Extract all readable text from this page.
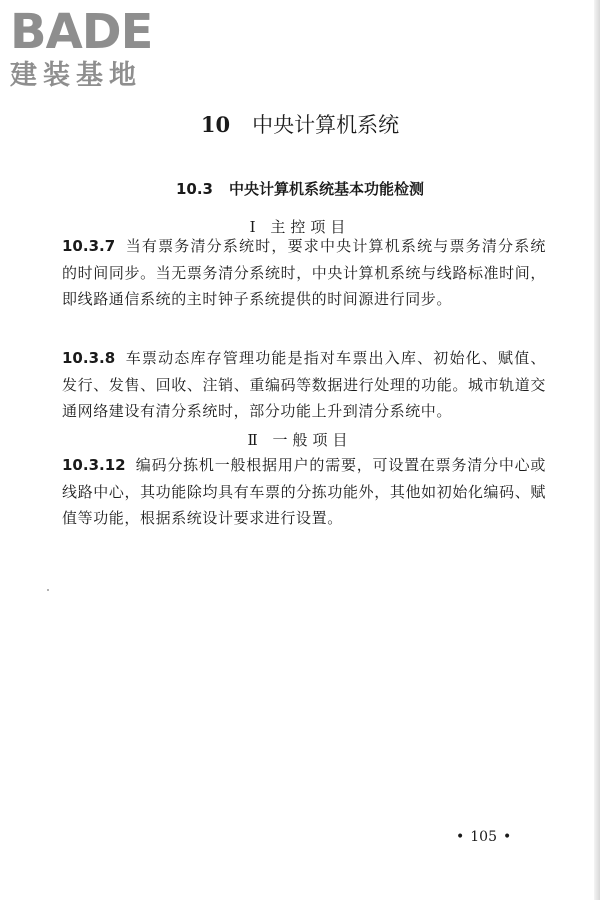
BADE
建装基地
10 中央计算机系统
10.3 中央计算机系统基本功能检测
Ⅰ 主控项目
10.3.7 当有票务清分系统时，要求中央计算机系统与票务清分系统的时间同步。当无票务清分系统时，中央计算机系统与线路标准时间，即线路通信系统的主时钟子系统提供的时间源进行同步。
10.3.8 车票动态库存管理功能是指对车票出入库、初始化、赋值、发行、发售、回收、注销、重编码等数据进行处理的功能。城市轨道交通网络建设有清分系统时，部分功能上升到清分系统中。
Ⅱ 一般项目
10.3.12 编码分拣机一般根据用户的需要，可设置在票务清分中心或线路中心，其功能除均具有车票的分拣功能外，其他如初始化编码、赋值等功能，根据系统设计要求进行设置。
• 105 •
